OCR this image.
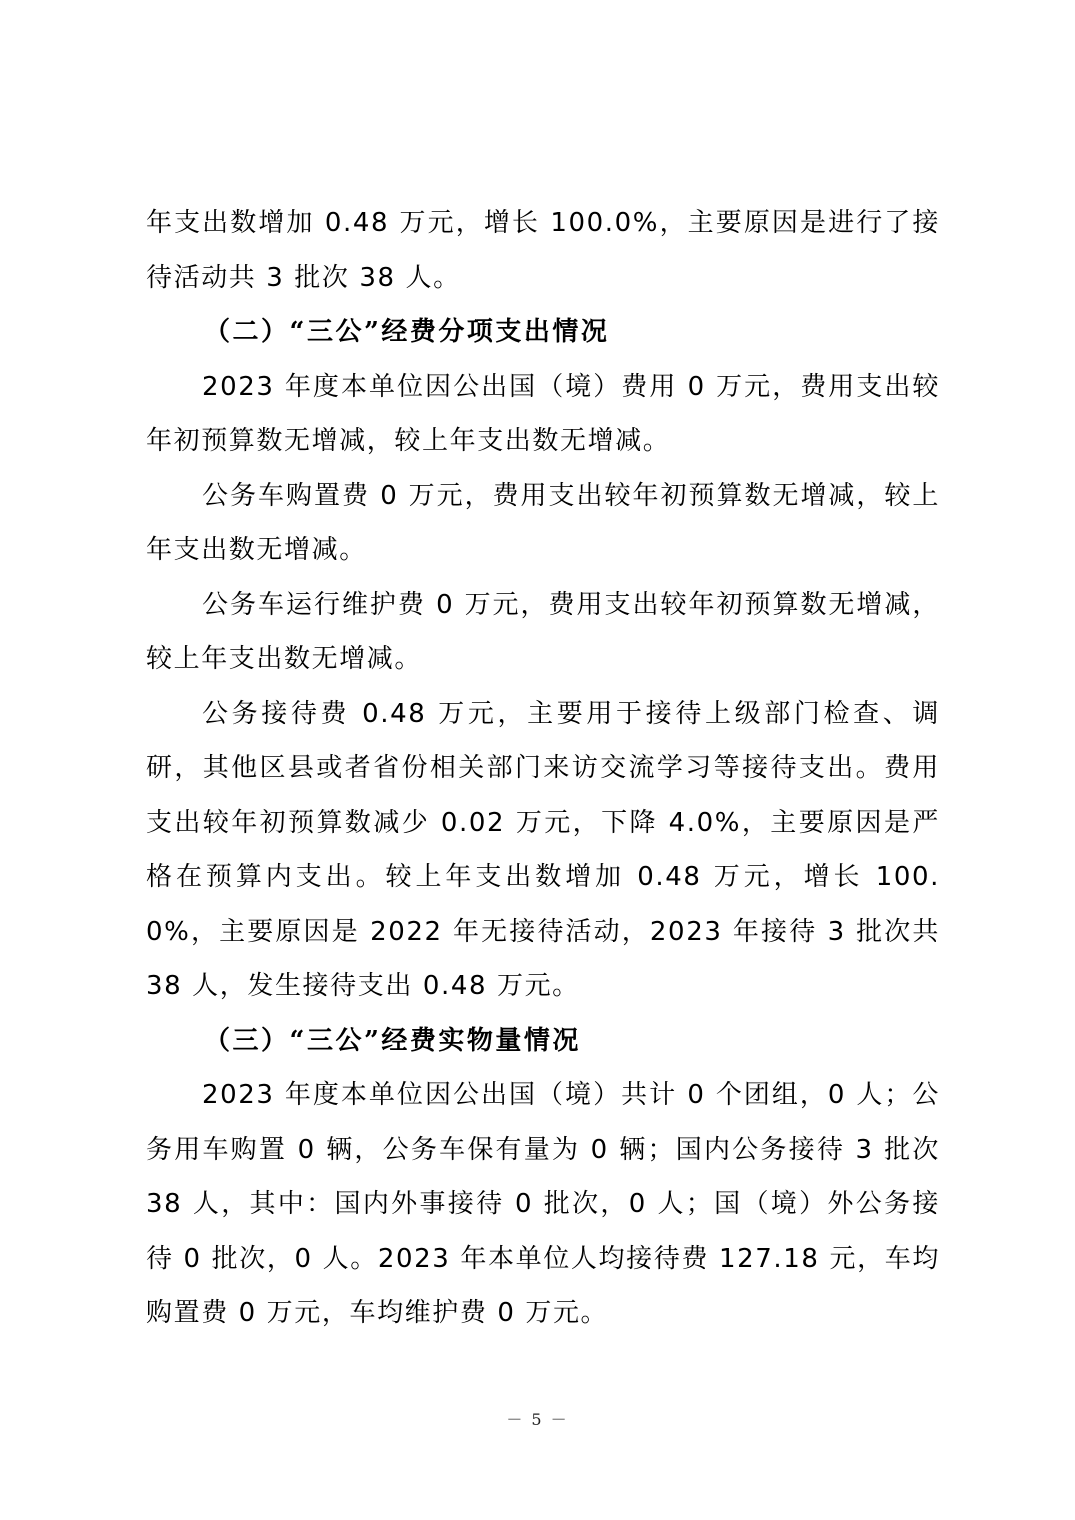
年支出数增加 0.48 万元，增长 100.0%，主要原因是进行了接待活动共 3 批次 38 人。

（二）“三公”经费分项支出情况

2023 年度本单位因公出国（境）费用 0 万元，费用支出较年初预算数无增减，较上年支出数无增减。

公务车购置费 0 万元，费用支出较年初预算数无增减，较上年支出数无增减。

公务车运行维护费 0 万元，费用支出较年初预算数无增减，较上年支出数无增减。

公务接待费 0.48 万元，主要用于接待上级部门检查、调研，其他区县或者省份相关部门来访交流学习等接待支出。费用支出较年初预算数减少 0.02 万元，下降 4.0%，主要原因是严格在预算内支出。较上年支出数增加 0.48 万元，增长 100.0%，主要原因是 2022 年无接待活动，2023 年接待 3 批次共 38 人，发生接待支出 0.48 万元。

（三）“三公”经费实物量情况

2023 年度本单位因公出国（境）共计 0 个团组，0 人；公务用车购置 0 辆，公务车保有量为 0 辆；国内公务接待 3 批次 38 人，其中：国内外事接待 0 批次，0 人；国（境）外公务接待 0 批次，0 人。2023 年本单位人均接待费 127.18 元，车均购置费 0 万元，车均维护费 0 万元。

－ 5 －
